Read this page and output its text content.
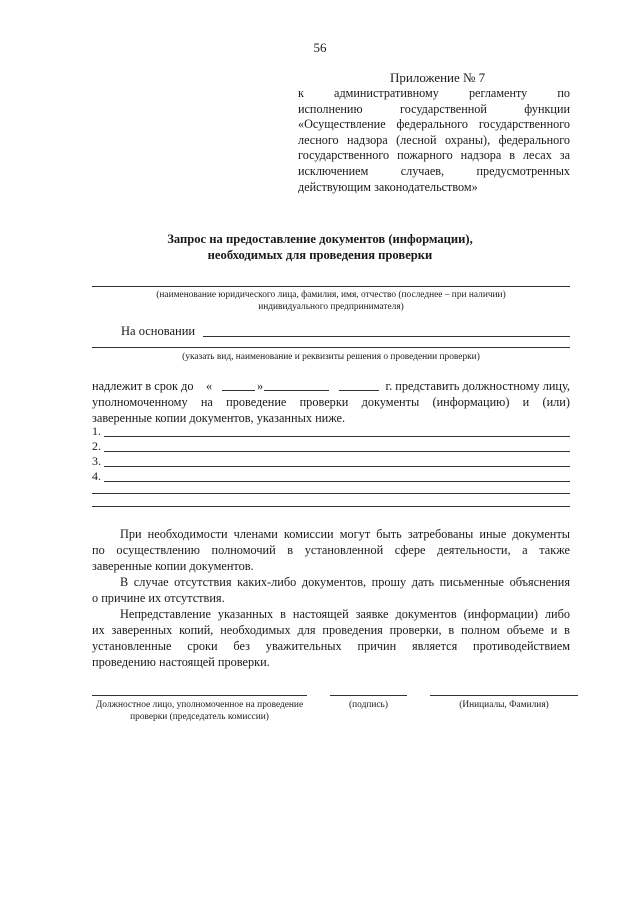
56
Приложение № 7
к административному регламенту по
исполнению государственной функции
«Осуществление федерального государственного
лесного надзора (лесной охраны), федерального
государственного пожарного надзора в лесах за
исключением случаев, предусмотренных
действующим законодательством»
Запрос на предоставление документов (информации),
необходимых для проведения проверки
(наименование юридического лица, фамилия, имя, отчество (последнее – при наличии)
индивидуального предпринимателя)
На основании
(указать вид, наименование и реквизиты решения о проведении проверки)
надлежит в срок до «	»	г. представить должностному лицу,
уполномоченному на проведение проверки документы (информацию) и (или)
заверенные копии документов, указанных ниже.
1.
2.
3.
4.
При необходимости членами комиссии могут быть затребованы иные документы
по осуществлению полномочий в установленной сфере деятельности, а также
заверенные копии документов.
В случае отсутствия каких-либо документов, прошу дать письменные объяснения
о причине их отсутствия.
Непредставление указанных в настоящей заявке документов (информации) либо
их заверенных копий, необходимых для проведения проверки, в полном объеме и в
установленные сроки без уважительных причин является противодействием
проведению настоящей проверки.
Должностное лицо, уполномоченное на проведение
проверки (председатель комиссии)
(подпись)	(Инициалы, Фамилия)
